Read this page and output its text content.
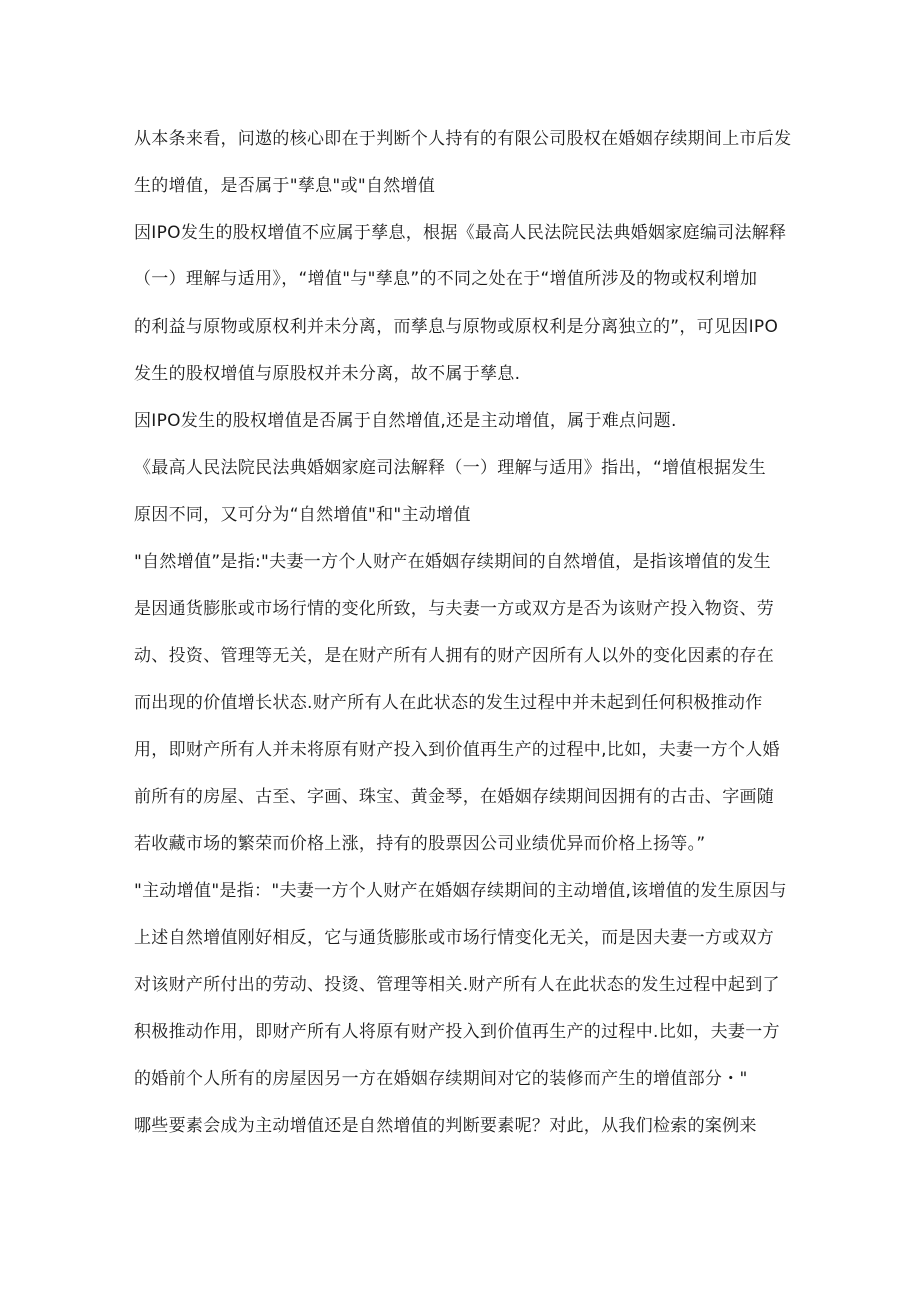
从本条来看，问遨的核心即在于判断个人持有的有限公司股权在婚姻存续期间上市后发
生的增值，是否属于"孳息"或"自然增值
因IPO发生的股权增值不应属于孳息，根据《最高人民法院民法典婚姻家庭编司法解释
（一）理解与适用》，“增值"与"孳息”的不同之处在于“增值所涉及的物或权利增加
的利益与原物或原权利并未分离，而孳息与原物或原权利是分离独立的”，可见因IPO
发生的股权增值与原股权并未分离，故不属于孳息.
因IPO发生的股权增值是否属于自然增值,还是主动增值，属于难点问题.
《最高人民法院民法典婚姻家庭司法解释（一）理解与适用》指出，“增值根据发生
原因不同，又可分为“自然增值"和"主动增值
"自然增值”是指:"夫妻一方个人财产在婚姻存续期间的自然增值，是指该增值的发生
是因通货膨胀或市场行情的变化所致，与夫妻一方或双方是否为该财产投入物资、劳
动、投资、管理等无关，是在财产所有人拥有的财产因所有人以外的变化因素的存在
而出现的价值增长状态.财产所有人在此状态的发生过程中并未起到任何积极推动作
用，即财产所有人并未将原有财产投入到价值再生产的过程中,比如，夫妻一方个人婚
前所有的房屋、古至、字画、珠宝、黄金琴，在婚姻存续期间因拥有的古击、字画随
若收藏市场的繁荣而价格上涨，持有的股票因公司业绩优异而价格上扬等。”
"主动增值"是指："夫妻一方个人财产在婚姻存续期间的主动增值,该增值的发生原因与
上述自然增值刚好相反，它与通货膨胀或市场行情变化无关，而是因夫妻一方或双方
对该财产所付出的劳动、投烫、管理等相关.财产所有人在此状态的发生过程中起到了
积极推动作用，即财产所有人将原有财产投入到价值再生产的过程中.比如，夫妻一方
的婚前个人所有的房屋因另一方在婚姻存续期间对它的装修而产生的增值部分・"
哪些要素会成为主动增值还是自然增值的判断要素呢？对此，从我们检索的案例来
